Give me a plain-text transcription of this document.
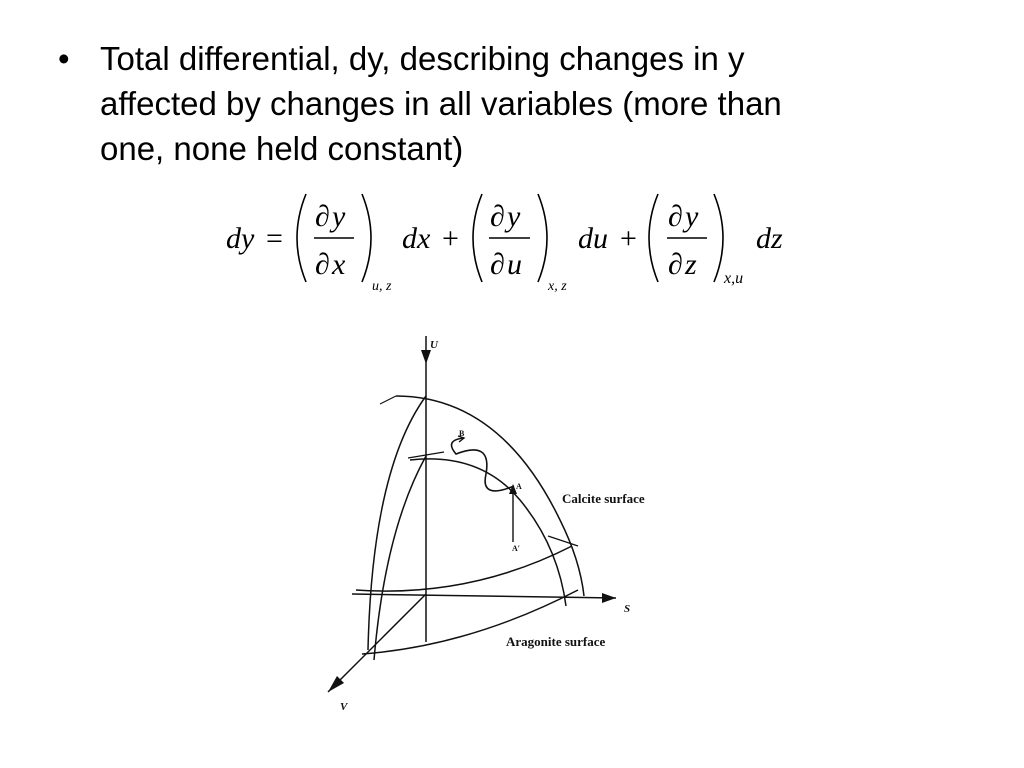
• Total differential, dy, describing changes in y
affected by changes in all variables (more than
one, none held constant)
dy =
∂ y
∂ x
u, z
dx +
∂ y
∂ u
x, z
du +
∂ y
∂ z x,u
dz
U
S
V
B
A
A′
Calcite surface
Aragonite surface
